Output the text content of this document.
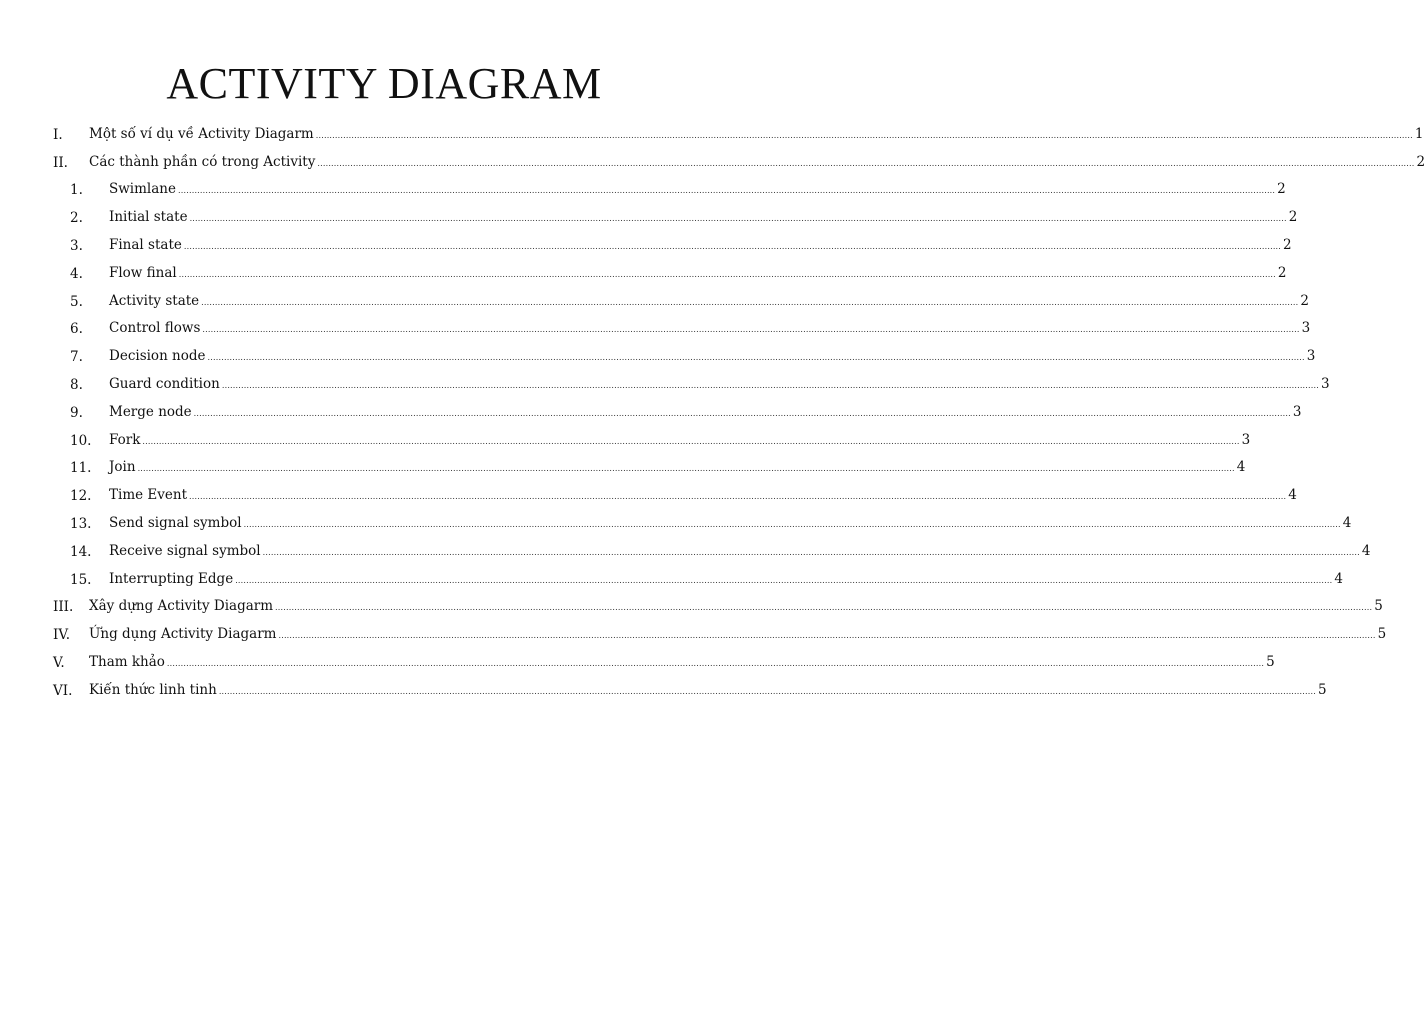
ACTIVITY DIAGRAM
I. Một số ví dụ về Activity Diagarm ................................................................................................................................................................................................................................................................................................................................................................................................................ 1
II. Các thành phần có trong Activity ................................................................................................................................................................................................................................................................................................................................................................................................................ 2
1. Swimlane ................................................................................................................................................................................................................................................................................................................................................................................................................ 2
2. Initial state ................................................................................................................................................................................................................................................................................................................................................................................................................ 2
3. Final state ................................................................................................................................................................................................................................................................................................................................................................................................................ 2
4. Flow final ................................................................................................................................................................................................................................................................................................................................................................................................................ 2
5. Activity state ................................................................................................................................................................................................................................................................................................................................................................................................................ 2
6. Control flows ................................................................................................................................................................................................................................................................................................................................................................................................................ 3
7. Decision node ................................................................................................................................................................................................................................................................................................................................................................................................................ 3
8. Guard condition ................................................................................................................................................................................................................................................................................................................................................................................................................ 3
9. Merge node ................................................................................................................................................................................................................................................................................................................................................................................................................ 3
10. Fork ................................................................................................................................................................................................................................................................................................................................................................................................................ 3
11. Join ................................................................................................................................................................................................................................................................................................................................................................................................................ 4
12. Time Event ................................................................................................................................................................................................................................................................................................................................................................................................................ 4
13. Send signal symbol ................................................................................................................................................................................................................................................................................................................................................................................................................ 4
14. Receive signal symbol ................................................................................................................................................................................................................................................................................................................................................................................................................ 4
15. Interrupting Edge ................................................................................................................................................................................................................................................................................................................................................................................................................ 4
III. Xây dựng Activity Diagarm ................................................................................................................................................................................................................................................................................................................................................................................................................ 5
IV. Ứng dụng Activity Diagarm ................................................................................................................................................................................................................................................................................................................................................................................................................ 5
V. Tham khảo ................................................................................................................................................................................................................................................................................................................................................................................................................ 5
VI. Kiến thức linh tinh ................................................................................................................................................................................................................................................................................................................................................................................................................ 5
